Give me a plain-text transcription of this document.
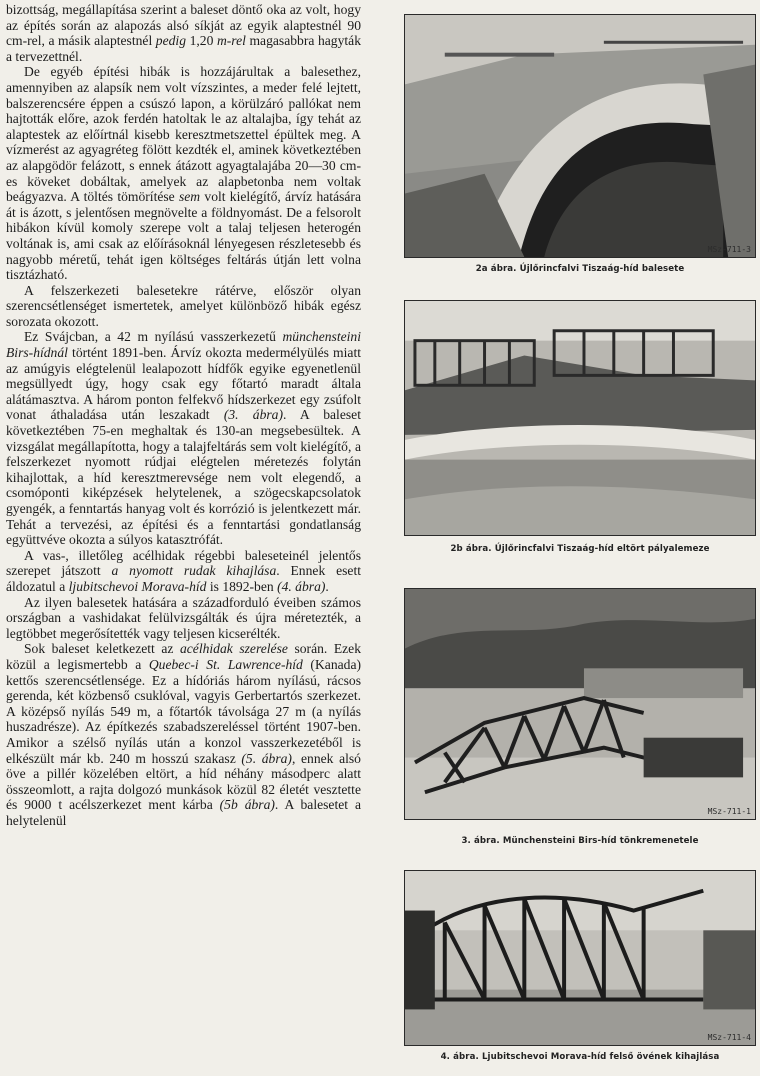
bizottság, megállapítása szerint a baleset döntő oka az volt, hogy az építés során az alapozás alsó síkját az egyik alaptestnél 90 cm-rel, a másik alaptestnél pedig 1,20 m-rel magasabbra hagyták a tervezettnél.

De egyéb építési hibák is hozzájárultak a balesethez, amennyiben az alapsík nem volt vízszintes, a meder felé lejtett, balszerencsére éppen a csúszó lapon, a körülzáró pallókat nem hajtották előre, azok ferdén hatoltak le az altalajba, így tehát az alaptestek az előírtnál kisebb keresztmetszettel épültek meg. A vízmerést az agyagréteg fölött kezdték el, aminek következtében az alapgödör felázott, s ennek átázott agyagtalajába 20—30 cm-es köveket dobáltak, amelyek az alapbetonba nem voltak beágyazva. A töltés tömörítése sem volt kielégítő, árvíz hatására át is ázott, s jelentősen megnövelte a földnyomást. De a felsorolt hibákon kívül komoly szerepe volt a talaj teljesen heterogén voltának is, ami csak az előírásoknál lényegesen részletesebb és nagyobb méretű, tehát igen költséges feltárás útján lett volna tisztázható.

A felszerkezeti balesetekre rátérve, először olyan szerencsétlenséget ismertetek, amelyet különböző hibák egész sorozata okozott.

Ez Svájcban, a 42 m nyílású vasszerkezetű münchensteini Birs-hídnál történt 1891-ben. Árvíz okozta medermélyülés miatt az amúgyis elégtelenül lealapozott hídfők egyike egyenetlenül megsüllyedt úgy, hogy csak egy főtartó maradt általa alátámasztva. A három ponton felfekvő hídszerkezet egy zsúfolt vonat áthaladása után leszakadt (3. ábra). A baleset következtében 75-en meghaltak és 130-an megsebesültek. A vizsgálat megállapította, hogy a talajfeltárás sem volt kielégítő, a felszerkezet nyomott rúdjai elégtelen méretezés folytán kihajlottak, a híd keresztmerevsége nem volt elegendő, a csomóponti kiképzések helytelenek, a szögecskapcsolatok gyengék, a fenntartás hanyag volt és korrózió is jelentkezett már. Tehát a tervezési, az építési és a fenntartási gondatlanság együttvéve okozta a súlyos katasztrófát.

A vas-, illetőleg acélhidak régebbi baleseteinél jelentős szerepet játszott a nyomott rudak kihajlása. Ennek esett áldozatul a ljubitschevoi Morava-híd is 1892-ben (4. ábra).

Az ilyen balesetek hatására a századforduló éveiben számos országban a vashidakat felülvizsgálták és újra méretezték, a legtöbbet megerősítették vagy teljesen kicserélték.

Sok baleset keletkezett az acélhidak szerelése során. Ezek közül a legismertebb a Quebec-i St. Lawrence-híd (Kanada) kettős szerencsétlensége. Ez a hídóriás három nyílású, rácsos gerenda, két közbenső csuklóval, vagyis Gerbertartós szerkezet. A középső nyílás 549 m, a főtartók távolsága 27 m (a nyílás huszadrésze). Az építkezés szabadszereléssel történt 1907-ben. Amikor a szélső nyílás után a konzol vasszerkezetéből is elkészült már kb. 240 m hosszú szakasz (5. ábra), ennek alsó öve a pillér közelében eltört, a híd néhány másodperc alatt összeomlott, a rajta dolgozó munkások közül 82 életét vesztette és 9000 t acélszerkezet ment kárba (5b ábra). A balesetet a helytelenül

MSz-711-3
2a ábra. Újlőrincfalvi Tiszaág-híd balesete
2b ábra. Újlőrincfalvi Tiszaág-híd eltört pályalemeze
MSz-711-1
3. ábra. Münchensteini Birs-híd tönkremenetele
MSz-711-4
4. ábra. Ljubitschevoi Morava-híd felső övének kihajlása
